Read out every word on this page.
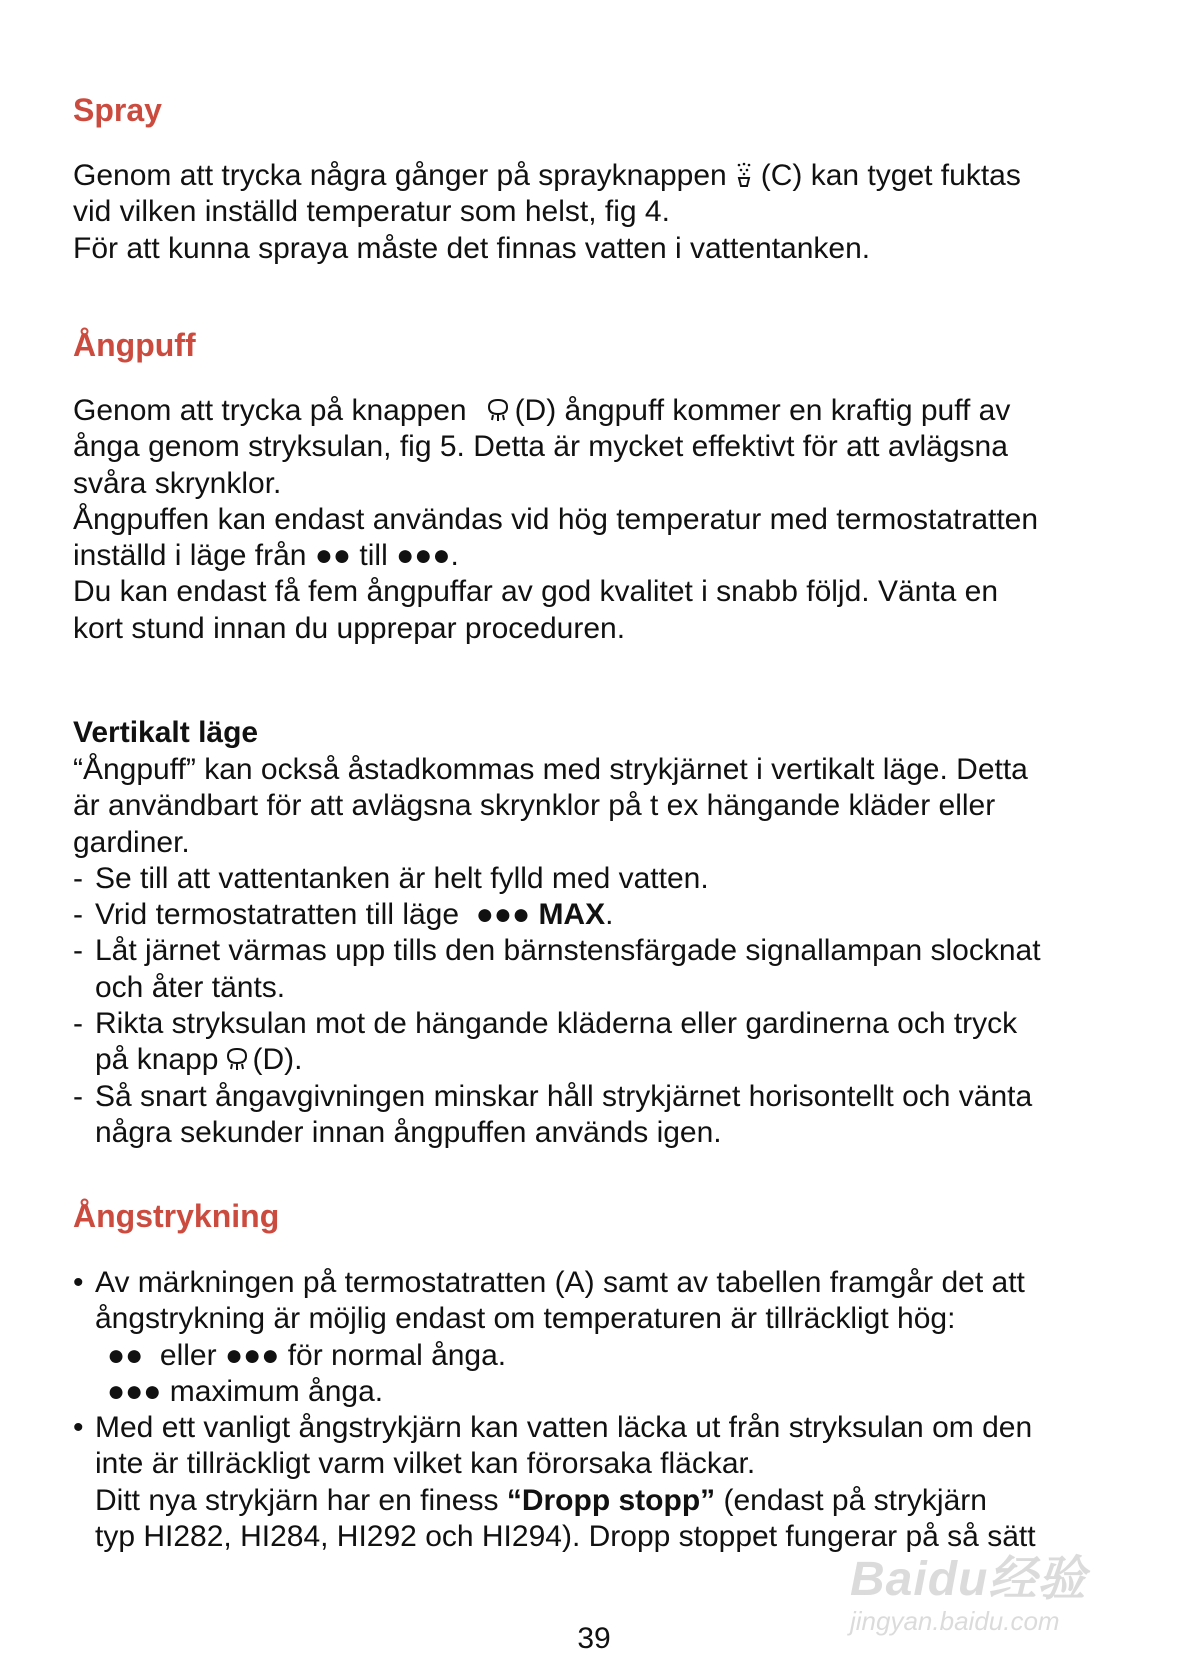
Spray

Genom att trycka några gånger på sprayknappen (C) kan tyget fuktas

vid vilken inställd temperatur som helst, fig 4.

För att kunna spraya måste det finnas vatten i vattentanken.

Ångpuff

Genom att trycka på knappen (D) ångpuff kommer en kraftig puff av

ånga genom stryksulan, fig 5. Detta är mycket effektivt för att avlägsna

svåra skrynklor.

Ångpuffen kan endast användas vid hög temperatur med termostatratten

inställd i läge från ●● till ●●●.

Du kan endast få fem ångpuffar av god kvalitet i snabb följd. Vänta en

kort stund innan du upprepar proceduren.

Vertikalt läge

“Ångpuff” kan också åstadkommas med strykjärnet i vertikalt läge. Detta

är användbart för att avlägsna skrynklor på t ex hängande kläder eller

gardiner.

- Se till att vattentanken är helt fylld med vatten.
- Vrid termostatratten till läge ●●● MAX.
- Låt järnet värmas upp tills den bärnstensfärgade signallampan slocknat
och åter tänts.
- Rikta stryksulan mot de hängande kläderna eller gardinerna och tryck
på knapp (D).
- Så snart ångavgivningen minskar håll strykjärnet horisontellt och vänta
några sekunder innan ångpuffen används igen.
Ångstrykning
• Av märkningen på termostatratten (A) samt av tabellen framgår det att
ångstrykning är möjlig endast om temperaturen är tillräckligt hög:
●● eller ●●● för normal ånga.
●●● maximum ånga.
• Med ett vanligt ångstrykjärn kan vatten läcka ut från stryksulan om den
inte är tillräckligt varm vilket kan förorsaka fläckar.
Ditt nya strykjärn har en finess “Dropp stopp” (endast på strykjärn
typ HI282, HI284, HI292 och HI294). Dropp stoppet fungerar på så sätt
39
Baidu经验
jingyan.baidu.com
